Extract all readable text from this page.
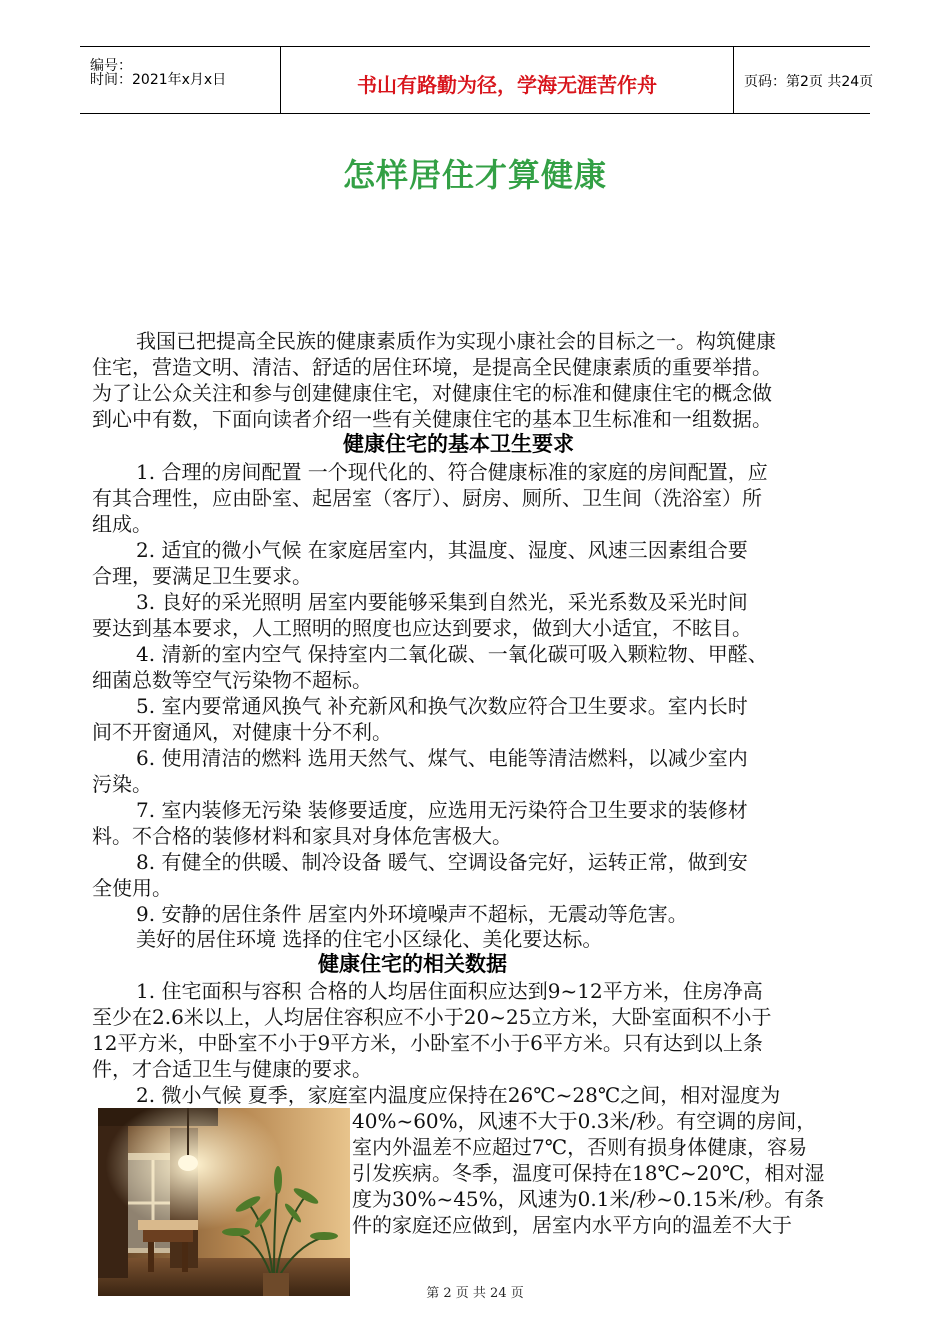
编号：
时间：2021年x月x日	书山有路勤为径，学海无涯苦作舟	页码：第2页 共24页
怎样居住才算健康
我国已把提高全民族的健康素质作为实现小康社会的目标之一。构筑健康
住宅，营造文明、清洁、舒适的居住环境，是提高全民健康素质的重要举措。
为了让公众关注和参与创建健康住宅，对健康住宅的标准和健康住宅的概念做
到心中有数，下面向读者介绍一些有关健康住宅的基本卫生标准和一组数据。
健康住宅的基本卫生要求
1. 合理的房间配置 一个现代化的、符合健康标准的家庭的房间配置，应
有其合理性，应由卧室、起居室（客厅）、厨房、厕所、卫生间（洗浴室）所
组成。
2. 适宜的微小气候 在家庭居室内，其温度、湿度、风速三因素组合要
合理，要满足卫生要求。
3. 良好的采光照明 居室内要能够采集到自然光，采光系数及采光时间
要达到基本要求，人工照明的照度也应达到要求，做到大小适宜，不眩目。
4. 清新的室内空气 保持室内二氧化碳、一氧化碳可吸入颗粒物、甲醛、
细菌总数等空气污染物不超标。
5. 室内要常通风换气 补充新风和换气次数应符合卫生要求。室内长时
间不开窗通风，对健康十分不利。
6. 使用清洁的燃料 选用天然气、煤气、电能等清洁燃料，以减少室内
污染。
7. 室内装修无污染 装修要适度，应选用无污染符合卫生要求的装修材
料。不合格的装修材料和家具对身体危害极大。
8. 有健全的供暖、制冷设备 暖气、空调设备完好，运转正常，做到安
全使用。
9. 安静的居住条件 居室内外环境噪声不超标，无震动等危害。
美好的居住环境 选择的住宅小区绿化、美化要达标。
健康住宅的相关数据
1. 住宅面积与容积 合格的人均居住面积应达到9~12平方米，住房净高
至少在2.6米以上，人均居住容积应不小于20~25立方米，大卧室面积不小于
12平方米，中卧室不小于9平方米，小卧室不小于6平方米。只有达到以上条
件，才合适卫生与健康的要求。
2. 微小气候 夏季，家庭室内温度应保持在26℃~28℃之间，相对湿度为
40%~60%，风速不大于0.3米/秒。有空调的房间，
室内外温差不应超过7℃，否则有损身体健康，容易
引发疾病。冬季，温度可保持在18℃~20℃，相对湿
度为30%~45%，风速为0.1米/秒~0.15米/秒。有条
件的家庭还应做到，居室内水平方向的温差不大于
第 2 页 共 24 页
